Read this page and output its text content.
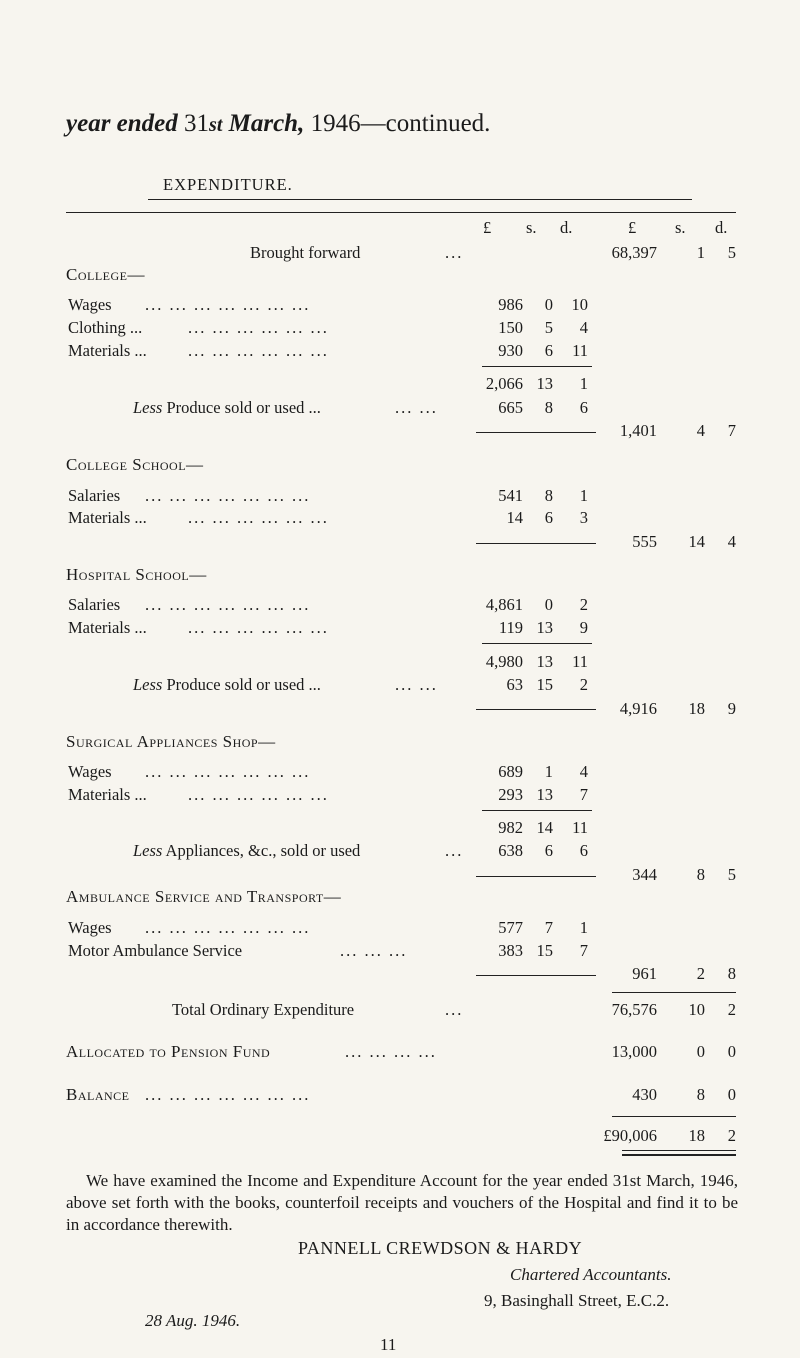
year ended 31st March, 1946—continued.
EXPENDITURE.
£ s. d.	£ s. d.
Brought forward	...	68,397 1 5
College—
Wages ... ... ... ... ... ... ...	986 0 10
Clothing ...	... ... ... ... ... ...	150 5 4
Materials ... ... ... ... ... ... ...	930 6 11
2,066 13 1
Less Produce sold or used ...	... ...	665 8 6
1,401 4 7
College School—
Salaries ... ... ... ... ... ... ...	541 8 1
Materials ... ... ... ... ... ... ...	14 6 3
555 14 4
Hospital School—
Salaries ... ... ... ... ... ... ...	4,861 0 2
Materials ... ... ... ... ... ... ...	119 13 9
4,980 13 11
Less Produce sold or used ...	... ...	63 15 2
4,916 18 9
Surgical Appliances Shop—
Wages ... ... ... ... ... ... ...	689 1 4
Materials ... ... ... ... ... ... ...	293 13 7
982 14 11
Less Appliances, &c., sold or used	... 638 6 6
344 8 5
Ambulance Service and Transport—
Wages ... ... ... ... ... ... ...	577 7 1
Motor Ambulance Service	... ... ...	383 15 7
961 2 8
Total Ordinary Expenditure	...	76,576 10 2
Allocated to Pension Fund	... ... ... ...	13,000 0 0
Balance ... ... ... ... ... ... ...	430 8 0
£90,006 18 2
We have examined the Income and Expenditure Account for the year ended 31st March, 1946, above set forth with the books, counterfoil receipts and vouchers of the Hospital and find it to be in accordance therewith.
PANNELL CREWDSON & HARDY
Chartered Accountants.
9, Basinghall Street, E.C.2.
28 Aug. 1946.
11
